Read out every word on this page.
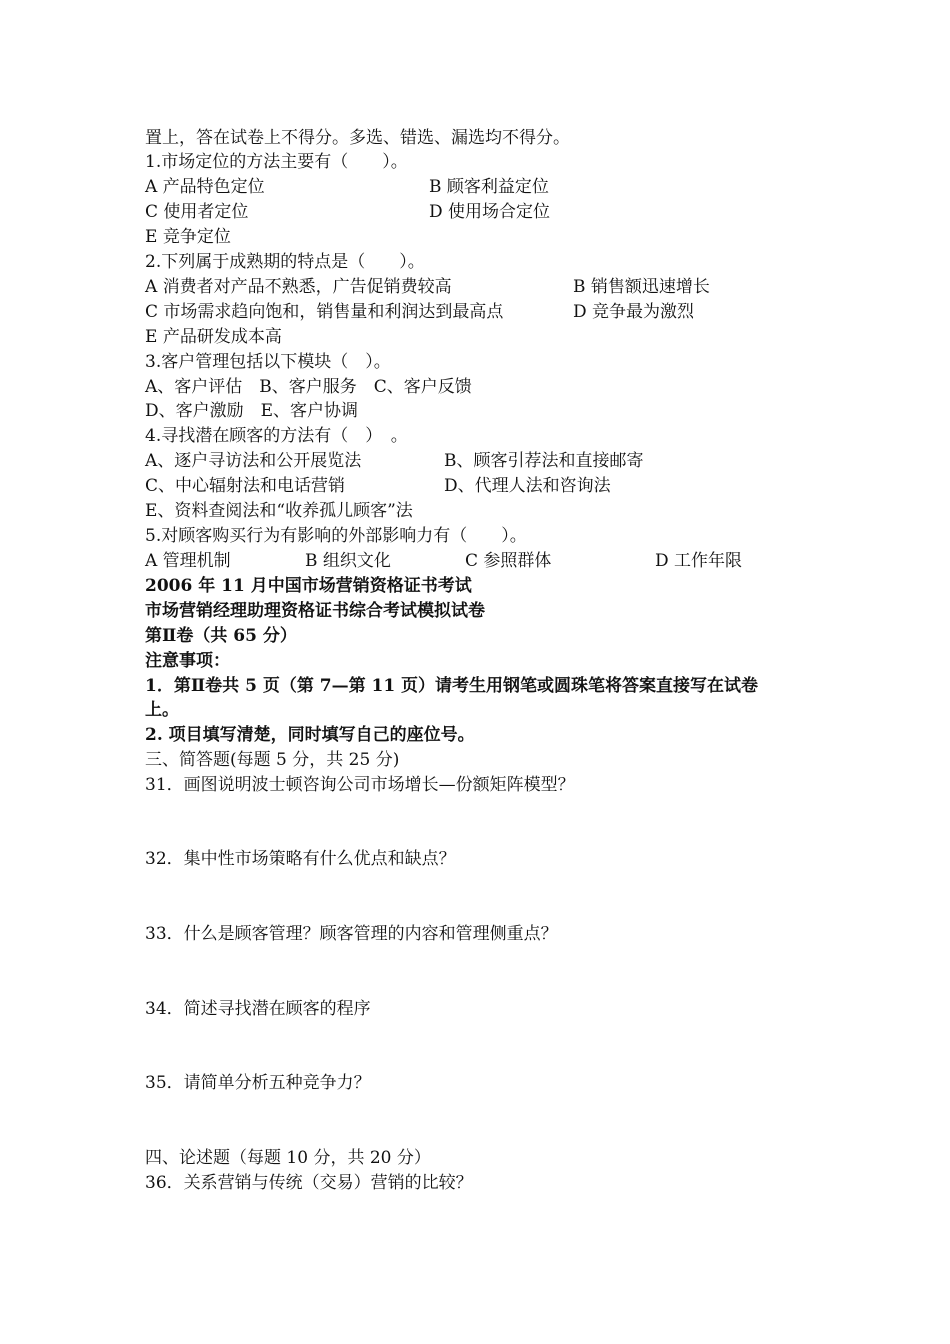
置上，答在试卷上不得分。多选、错选、漏选均不得分。
1.市场定位的方法主要有（　　）。
A 产品特色定位	B 顾客利益定位
C 使用者定位	D 使用场合定位
E 竞争定位
2.下列属于成熟期的特点是（　　）。
A 消费者对产品不熟悉，广告促销费较高	B 销售额迅速增长
C 市场需求趋向饱和，销售量和利润达到最高点	D 竞争最为激烈
E 产品研发成本高
3.客户管理包括以下模块（　）。
A、客户评估　B、客户服务　C、客户反馈
D、客户激励　E、客户协调
4.寻找潜在顾客的方法有（　）　。
A、逐户寻访法和公开展览法	B、顾客引荐法和直接邮寄
C、中心辐射法和电话营销	D、代理人法和咨询法
E、资料查阅法和“收养孤儿顾客”法
5.对顾客购买行为有影响的外部影响力有（　　）。
A 管理机制	B 组织文化	C 参照群体	D 工作年限
2006 年 11 月中国市场营销资格证书考试
市场营销经理助理资格证书综合考试模拟试卷
第Ⅱ卷（共 65 分）
注意事项：
1．第Ⅱ卷共 5 页（第 7—第 11 页）请考生用钢笔或圆珠笔将答案直接写在试卷
上。
2. 项目填写清楚，同时填写自己的座位号。
三、简答题(每题 5 分，共 25 分)
31．画图说明波士顿咨询公司市场增长—份额矩阵模型？
32．集中性市场策略有什么优点和缺点？
33．什么是顾客管理？顾客管理的内容和管理侧重点？
34．简述寻找潜在顾客的程序
35．请简单分析五种竞争力？
四、论述题（每题 10 分，共 20 分）
36．关系营销与传统（交易）营销的比较？
